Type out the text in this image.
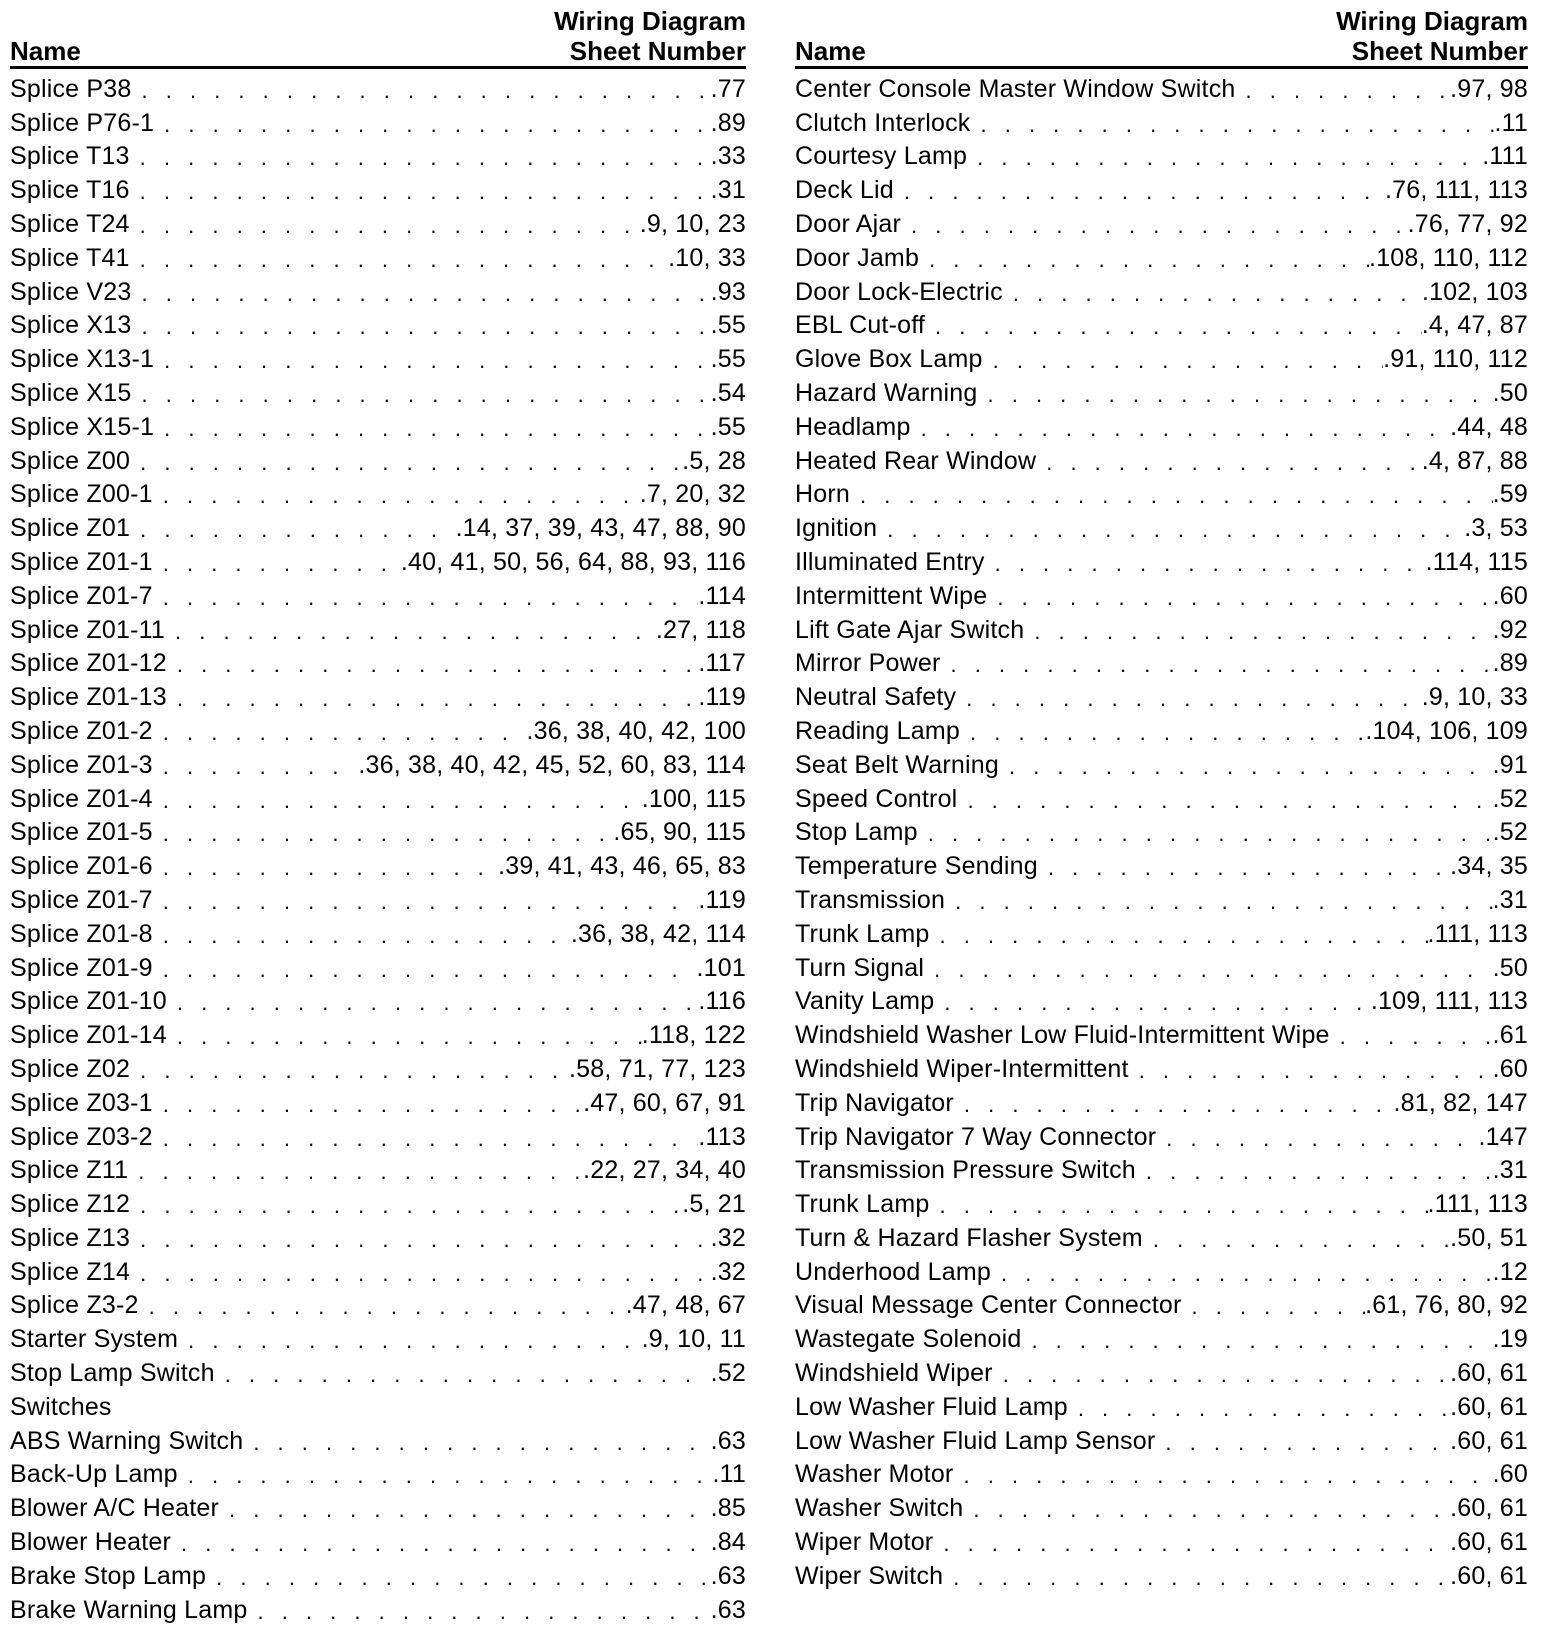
Name
Wiring Diagram
Sheet Number
Splice P38 . . .	.77
Splice P76-1 . . .	.89
Splice T13 . . .	.33
Splice T16 . . .	.31
Splice T24 . . .	.9, 10, 23
Splice T41 . . .	.10, 33
Splice V23 . . .	.93
Splice X13 . . .	.55
Splice X13-1 . . .	.55
Splice X15 . . .	.54
Splice X15-1 . . .	.55
Splice Z00 . . .	.5, 28
Splice Z00-1 . . .	.7, 20, 32
Splice Z01 . . .	.14, 37, 39, 43, 47, 88, 90
Splice Z01-1 . . .	.40, 41, 50, 56, 64, 88, 93, 116
Splice Z01-7 . . .	.114
Splice Z01-11 . . .	.27, 118
Splice Z01-12 . . .	.117
Splice Z01-13 . . .	.119
Splice Z01-2 . . .	.36, 38, 40, 42, 100
Splice Z01-3 . . .	.36, 38, 40, 42, 45, 52, 60, 83, 114
Splice Z01-4 . . .	.100, 115
Splice Z01-5 . . .	.65, 90, 115
Splice Z01-6 . . .	.39, 41, 43, 46, 65, 83
Splice Z01-7 . . .	.119
Splice Z01-8 . . .	.36, 38, 42, 114
Splice Z01-9 . . .	.101
Splice Z01-10 . . .	.116
Splice Z01-14 . . .	.118, 122
Splice Z02 . . .	.58, 71, 77, 123
Splice Z03-1 . . .	.47, 60, 67, 91
Splice Z03-2 . . .	.113
Splice Z11 . . .	.22, 27, 34, 40
Splice Z12 . . .	.5, 21
Splice Z13 . . .	.32
Splice Z14 . . .	.32
Splice Z3-2 . . .	.47, 48, 67
Starter System . . .	.9, 10, 11
Stop Lamp Switch . . .	.52
Switches
ABS Warning Switch . . .	.63
Back-Up Lamp . . .	.11
Blower A/C Heater . . .	.85
Blower Heater . . .	.84
Brake Stop Lamp . . .	.63
Brake Warning Lamp . . .	.63
Name
Wiring Diagram
Sheet Number
Center Console Master Window Switch . . .	.97, 98
Clutch Interlock . . .	.11
Courtesy Lamp . . .	.111
Deck Lid . . .	.76, 111, 113
Door Ajar . . .	.76, 77, 92
Door Jamb . . .	.108, 110, 112
Door Lock-Electric . . .	.102, 103
EBL Cut-off . . .	.4, 47, 87
Glove Box Lamp . . .	.91, 110, 112
Hazard Warning . . .	.50
Headlamp . . .	.44, 48
Heated Rear Window . . .	.4, 87, 88
Horn . . .	.59
Ignition . . .	.3, 53
Illuminated Entry . . .	.114, 115
Intermittent Wipe . . .	.60
Lift Gate Ajar Switch . . .	.92
Mirror Power . . .	.89
Neutral Safety . . .	.9, 10, 33
Reading Lamp . . .	.104, 106, 109
Seat Belt Warning . . .	.91
Speed Control . . .	.52
Stop Lamp . . .	.52
Temperature Sending . . .	.34, 35
Transmission . . .	.31
Trunk Lamp . . .	.111, 113
Turn Signal . . .	.50
Vanity Lamp . . .	.109, 111, 113
Windshield Washer Low Fluid-Intermittent Wipe . . .	.61
Windshield Wiper-Intermittent . . .	.60
Trip Navigator . . .	.81, 82, 147
Trip Navigator 7 Way Connector . . .	.147
Transmission Pressure Switch . . .	.31
Trunk Lamp . . .	.111, 113
Turn & Hazard Flasher System . . .	.50, 51
Underhood Lamp . . .	.12
Visual Message Center Connector . . .	.61, 76, 80, 92
Wastegate Solenoid . . .	.19
Windshield Wiper . . .	.60, 61
Low Washer Fluid Lamp . . .	.60, 61
Low Washer Fluid Lamp Sensor . . .	.60, 61
Washer Motor . . .	.60
Washer Switch . . .	.60, 61
Wiper Motor . . .	.60, 61
Wiper Switch . . .	.60, 61
